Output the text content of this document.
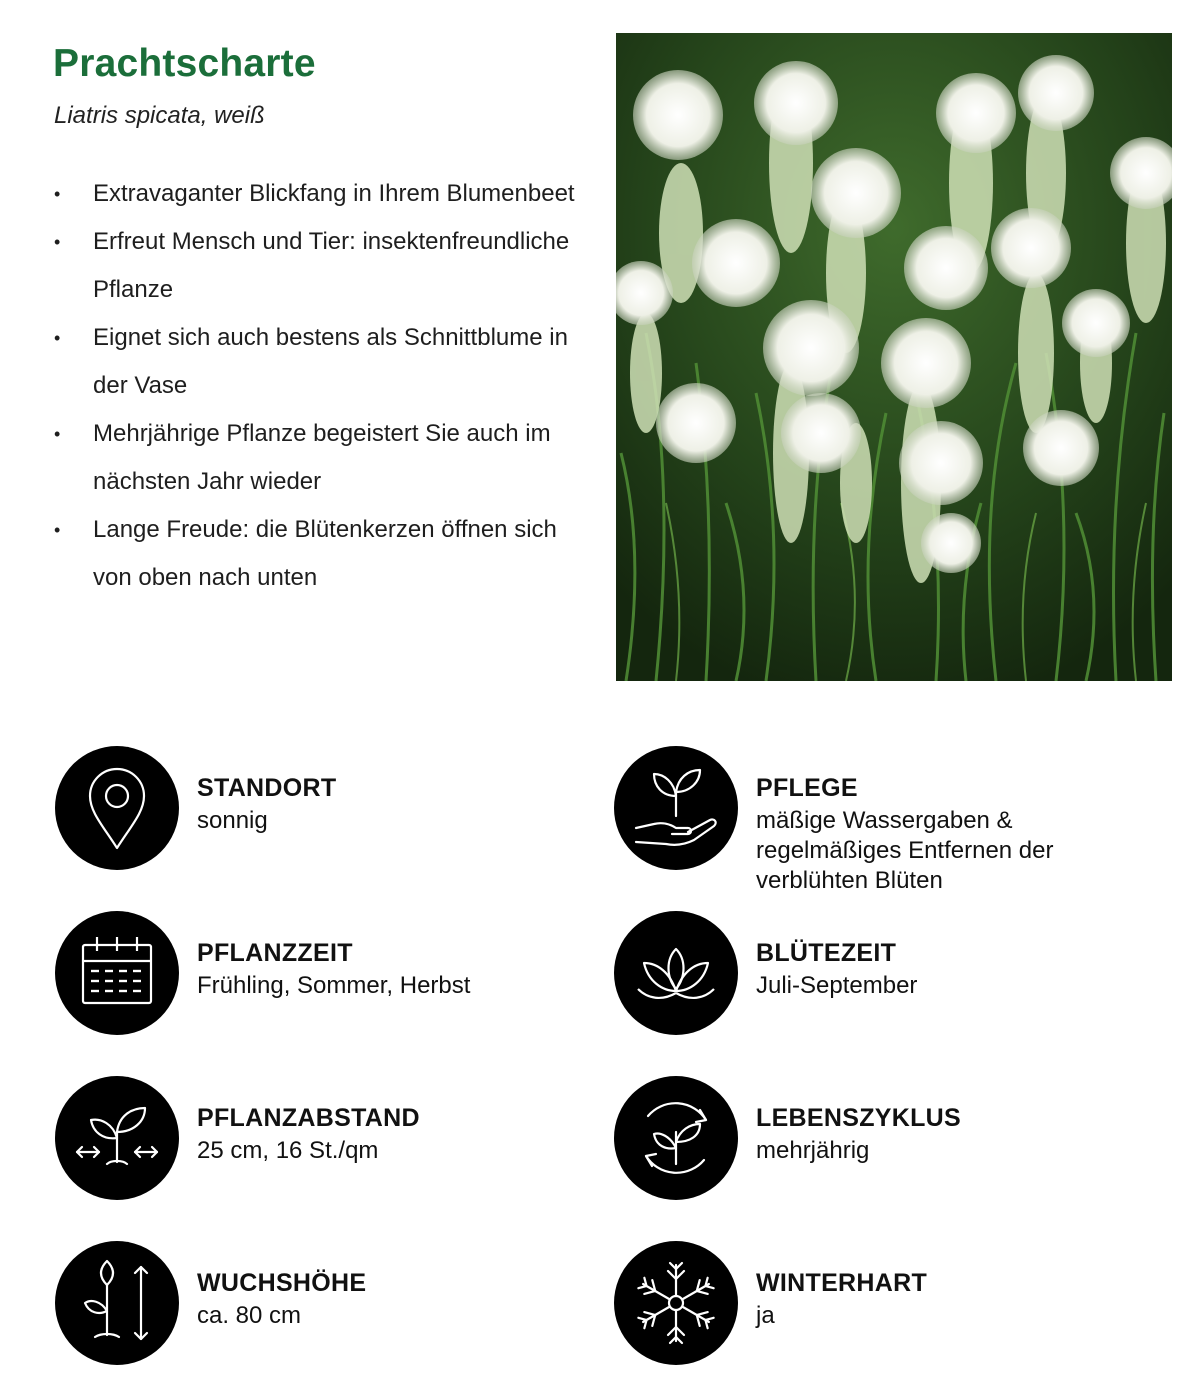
Prachtscharte
Liatris spicata, weiß
• Extravaganter Blickfang in Ihrem Blumenbeet
• Erfreut Mensch und Tier: insektenfreundliche Pflanze
• Eignet sich auch bestens als Schnittblume in der Vase
• Mehrjährige Pflanze begeistert Sie auch im nächsten Jahr wieder
• Lange Freude: die Blütenkerzen öffnen sich von oben nach unten
STANDORT
sonnig
PFLEGE
mäßige Wassergaben & regelmäßiges Entfernen der verblühten Blüten
PFLANZZEIT
Frühling, Sommer, Herbst
BLÜTEZEIT
Juli-September
PFLANZABSTAND
25 cm, 16 St./qm
LEBENSZYKLUS
mehrjährig
WUCHSHÖHE
ca. 80 cm
WINTERHART
ja
